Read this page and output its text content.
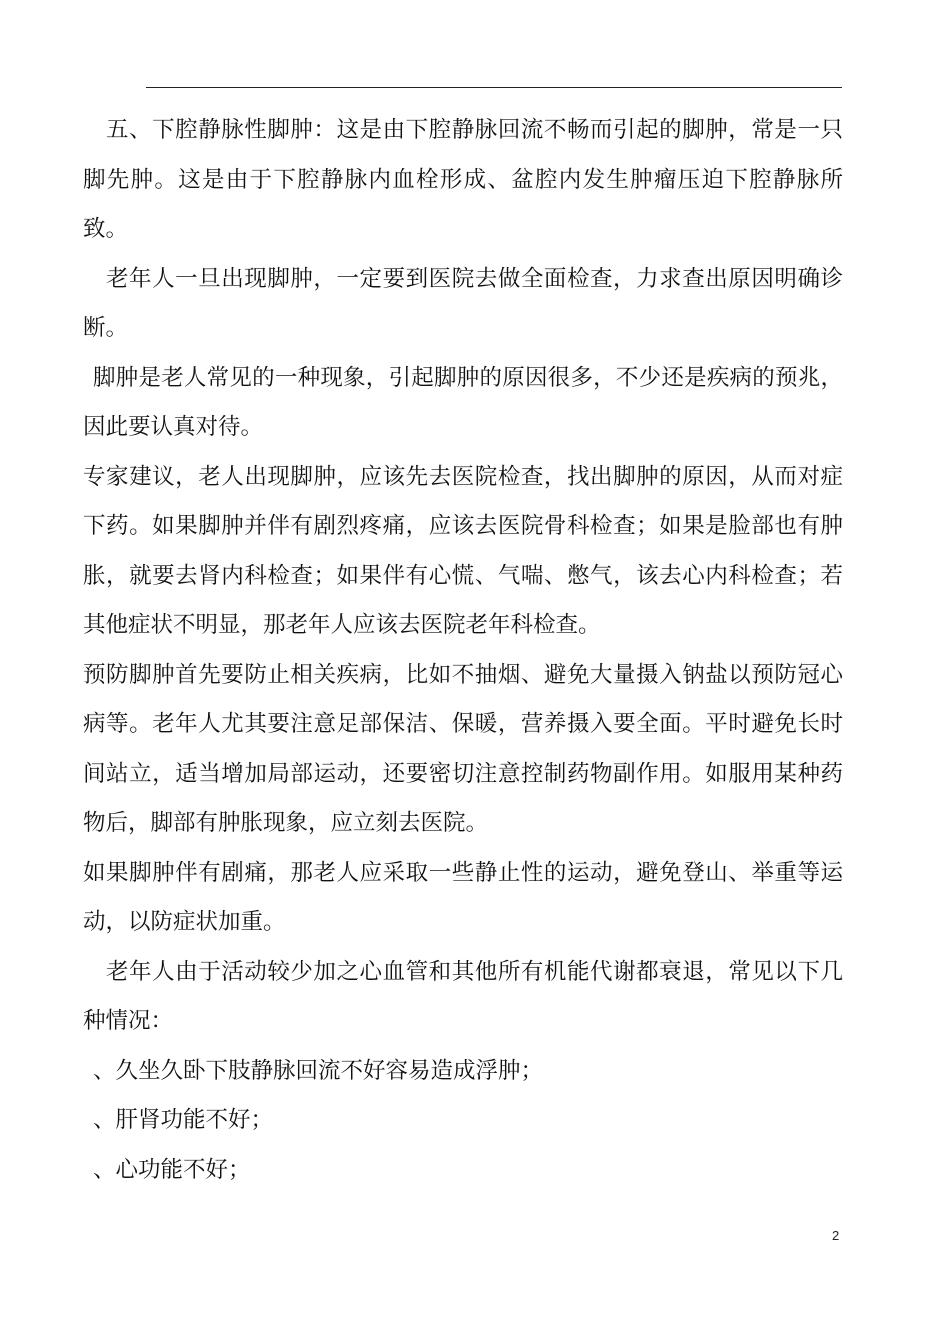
五、下腔静脉性脚肿：这是由下腔静脉回流不畅而引起的脚肿，常是一只脚先肿。这是由于下腔静脉内血栓形成、盆腔内发生肿瘤压迫下腔静脉所致。

老年人一旦出现脚肿，一定要到医院去做全面检查，力求查出原因明确诊断。

脚肿是老人常见的一种现象，引起脚肿的原因很多，不少还是疾病的预兆，因此要认真对待。

专家建议，老人出现脚肿，应该先去医院检查，找出脚肿的原因，从而对症下药。如果脚肿并伴有剧烈疼痛，应该去医院骨科检查；如果是脸部也有肿胀，就要去肾内科检查；如果伴有心慌、气喘、憋气，该去心内科检查；若其他症状不明显，那老年人应该去医院老年科检查。

预防脚肿首先要防止相关疾病，比如不抽烟、避免大量摄入钠盐以预防冠心病等。老年人尤其要注意足部保洁、保暖，营养摄入要全面。平时避免长时间站立，适当增加局部运动，还要密切注意控制药物副作用。如服用某种药物后，脚部有肿胀现象，应立刻去医院。

如果脚肿伴有剧痛，那老人应采取一些静止性的运动，避免登山、举重等运动，以防症状加重。

老年人由于活动较少加之心血管和其他所有机能代谢都衰退，常见以下几种情况：

、久坐久卧下肢静脉回流不好容易造成浮肿；

、肝肾功能不好；

、心功能不好；

2
